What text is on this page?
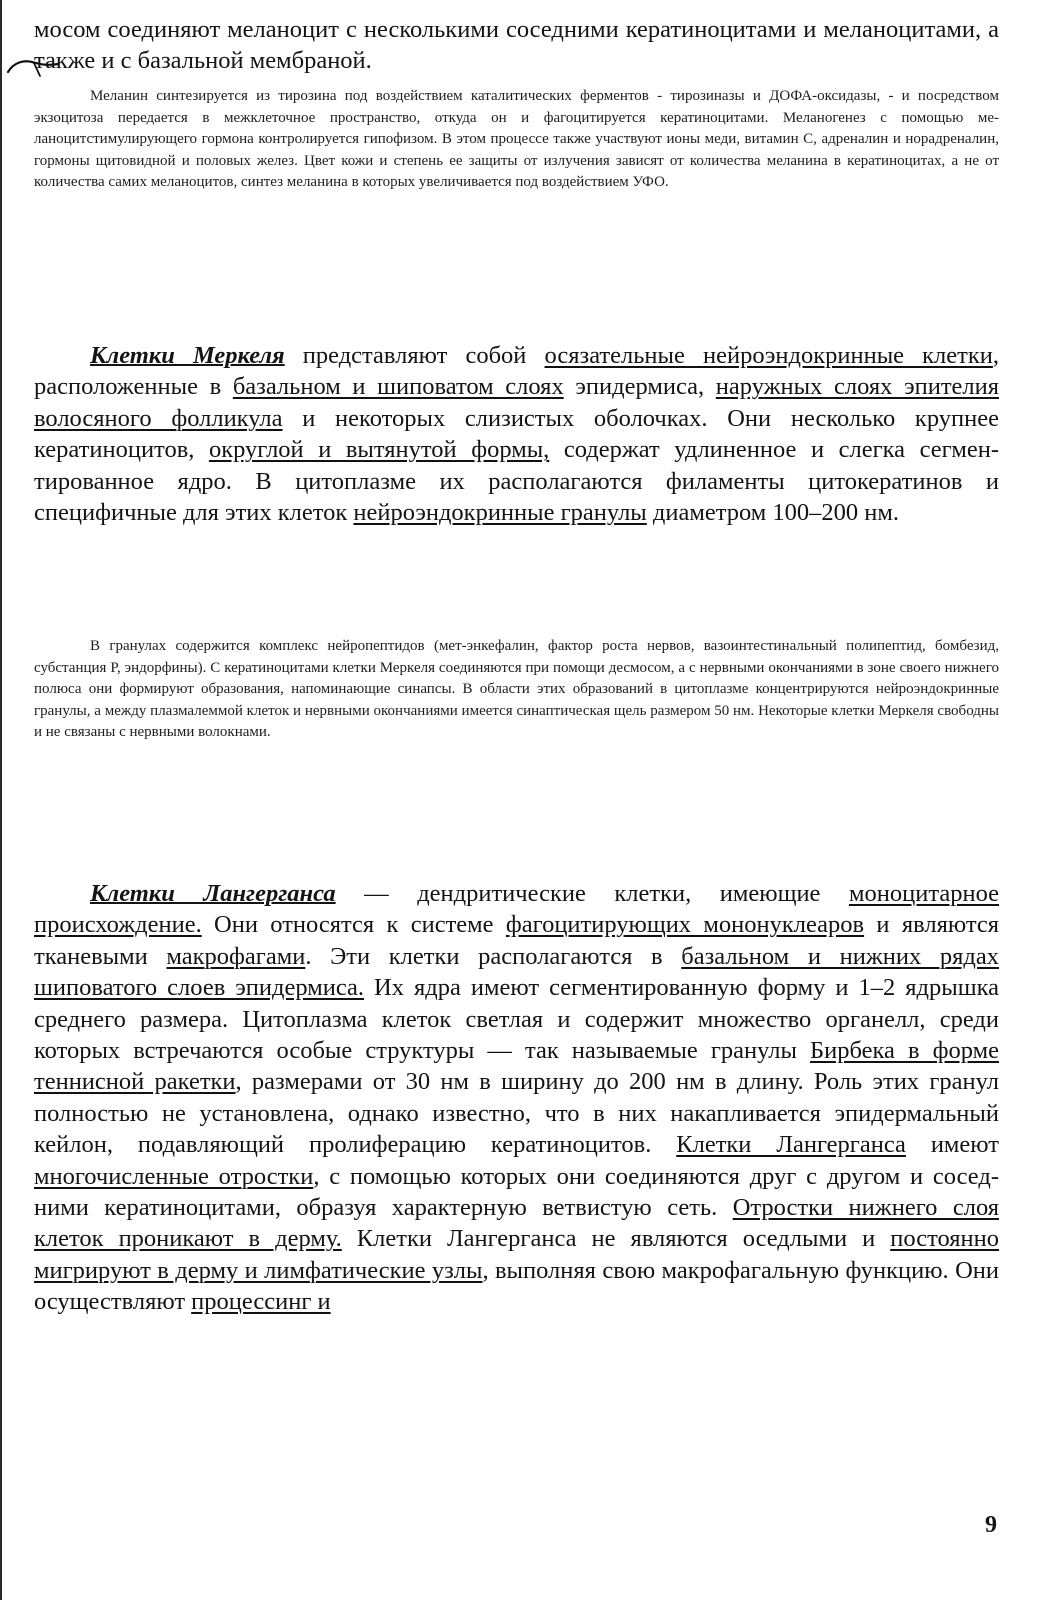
мосом соединяют меланоцит с несколькими соседними кератиноцитами и меланоцитами, а также и с базальной мембраной.

Меланин синтезируется из тирозина под воздействием каталитических ферментов - тирозиназы и ДОФА-оксидазы, - и посредством экзоцитоза передается в межклеточное пространство, откуда он и фагоцитируется кератиноцитами. Меланогенез с помощью меланоцитстимулирующего гормона контролируется гипофизом. В этом процессе также участвуют ионы меди, витамин С, адреналин и норадреналин, гормоны щитовидной и половых желез. Цвет кожи и степень ее защиты от излучения зависят от количества меланина в кератиноцитах, а не от количества самих меланоцитов, синтез меланина в которых увеличивается под воздействием УФО.

Клетки Меркеля представляют собой осязательные нейроэндокринные клетки, расположенные в базальном и шиповатом слоях эпидермиса, наружных слоях эпителия волосяного фолликула и некоторых слизистых оболочках. Они несколько крупнее кератиноцитов, округлой и вытянутой формы, содержат удлиненное и слегка сегментированное ядро. В цитоплазме их располагаются филаменты цитокератинов и специфичные для этих клеток нейроэндокринные гранулы диаметром 100–200 нм.

В гранулах содержится комплекс нейропептидов (мет-энкефалин, фактор роста нервов, вазоинтестинальный полипептид, бомбезид, субстанция P, эндорфины). С кератиноцитами клетки Меркеля соединяются при помощи десмосом, а с нервными окончаниями в зоне своего нижнего полюса они формируют образования, напоминающие синапсы. В области этих образований в цитоплазме концентрируются нейроэндокринные гранулы, а между плазмалеммой клеток и нервными окончаниями имеется синаптическая щель размером 50 нм. Некоторые клетки Меркеля свободны и не связаны с нервными волокнами.

Клетки Лангерганса — дендритические клетки, имеющие моноцитарное происхождение. Они относятся к системе фагоцитирующих мононуклеаров и являются тканевыми макрофагами. Эти клетки располагаются в базальном и нижних рядах шиповатого слоев эпидермиса. Их ядра имеют сегментированную форму и 1–2 ядрышка среднего размера. Цитоплазма клеток светлая и содержит множество органелл, среди которых встречаются особые структуры — так называемые гранулы Бирбека в форме теннисной ракетки, размерами от 30 нм в ширину до 200 нм в длину. Роль этих гранул полностью не установлена, однако известно, что в них накапливается эпидермальный кейлон, подавляющий пролиферацию кератиноцитов. Клетки Лангерганса имеют многочисленные отростки, с помощью которых они соединяются друг с другом и соседними кератиноцитами, образуя характерную ветвистую сеть. Отростки нижнего слоя клеток проникают в дерму. Клетки Лангерганса не являются оседлыми и постоянно мигрируют в дерму и лимфатические узлы, выполняя свою макрофагальную функцию. Они осуществляют процессинг и

9
